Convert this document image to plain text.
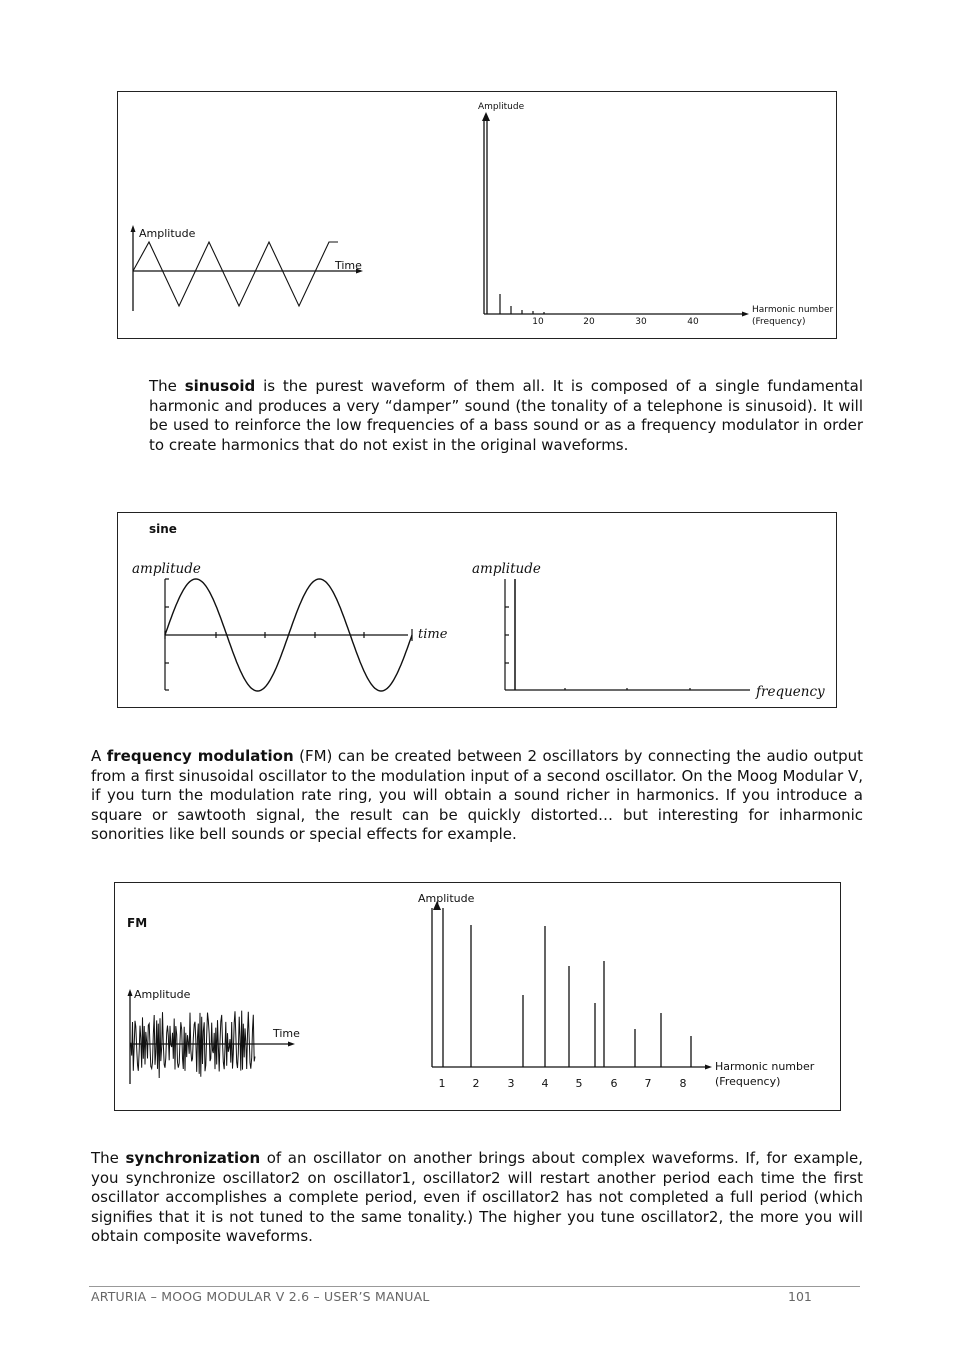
Amplitude
Time
Amplitude
10	20	30	40
Harmonic number
(Frequency)

The sinusoid is the purest waveform of them all. It is composed of a single fundamental harmonic and produces a very “damper” sound (the tonality of a telephone is sinusoid). It will be used to reinforce the low frequencies of a bass sound or as a frequency modulator in order to create harmonics that do not exist in the original waveforms.

sine
amplitude
time
amplitude
frequency

A frequency modulation (FM) can be created between 2 oscillators by connecting the audio output from a first sinusoidal oscillator to the modulation input of a second oscillator. On the Moog Modular V, if you turn the modulation rate ring, you will obtain a sound richer in harmonics. If you introduce a square or sawtooth signal, the result can be quickly distorted… but interesting for inharmonic sonorities like bell sounds or special effects for example.

FM
Amplitude
Time
Amplitude
1 2	3 4 5	6 7	8
Harmonic number
(Frequency)

The synchronization of an oscillator on another brings about complex waveforms. If, for example, you synchronize oscillator2 on oscillator1, oscillator2 will restart another period each time the first oscillator accomplishes a complete period, even if oscillator2 has not completed a full period (which signifies that it is not tuned to the same tonality.) The higher you tune oscillator2, the more you will obtain composite waveforms.

ARTURIA – MOOG MODULAR V 2.6 – USER’S MANUAL	101
